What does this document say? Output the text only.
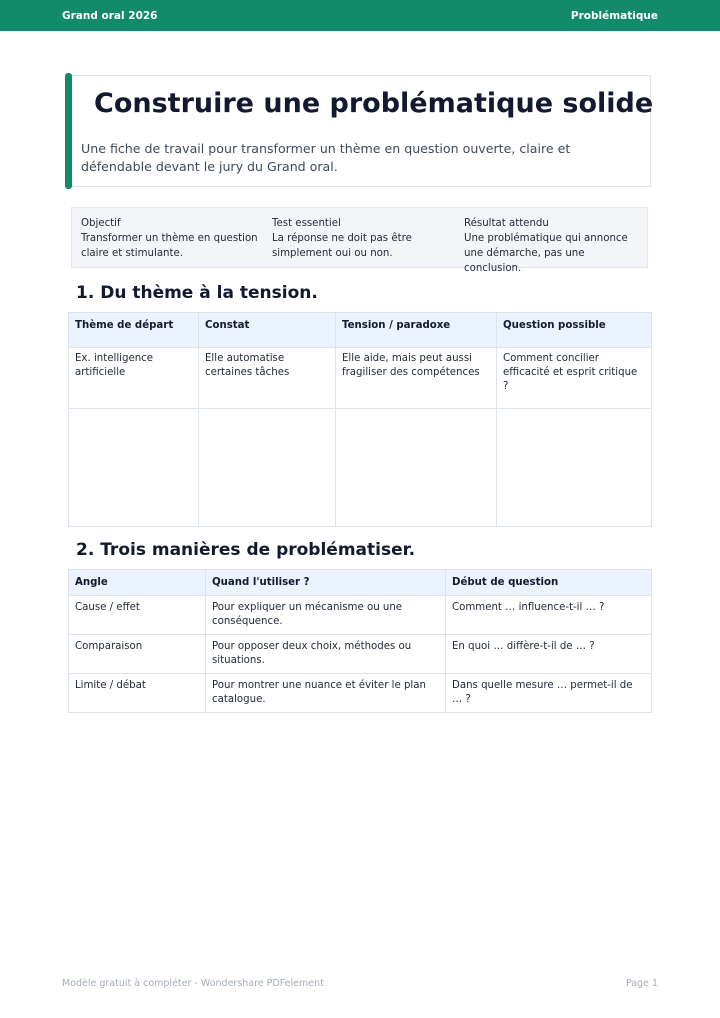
Grand oral 2026	Problématique
Construire une problématique solide

Une fiche de travail pour transformer un thème en question ouverte, claire et défendable devant le jury du Grand oral.

Objectif
Transformer un thème en question claire et stimulante.
Test essentiel
La réponse ne doit pas être simplement oui ou non.
Résultat attendu
Une problématique qui annonce une démarche, pas une conclusion.
1. Du thème à la tension.
Thème de départ	Constat	Tension / paradoxe	Question possible
Ex. intelligence artificielle	Elle automatise certaines tâches	Elle aide, mais peut aussi fragiliser des compétences	Comment concilier efficacité et esprit critique ?

2. Trois manières de problématiser.
Angle	Quand l'utiliser ?	Début de question
Cause / effet	Pour expliquer un mécanisme ou une conséquence.	Comment … influence-t-il … ?
Comparaison	Pour opposer deux choix, méthodes ou situations.	En quoi … diffère-t-il de … ?
Limite / débat	Pour montrer une nuance et éviter le plan catalogue.	Dans quelle mesure … permet-il de … ?
Modèle gratuit à compléter - Wondershare PDFelement	Page 1
